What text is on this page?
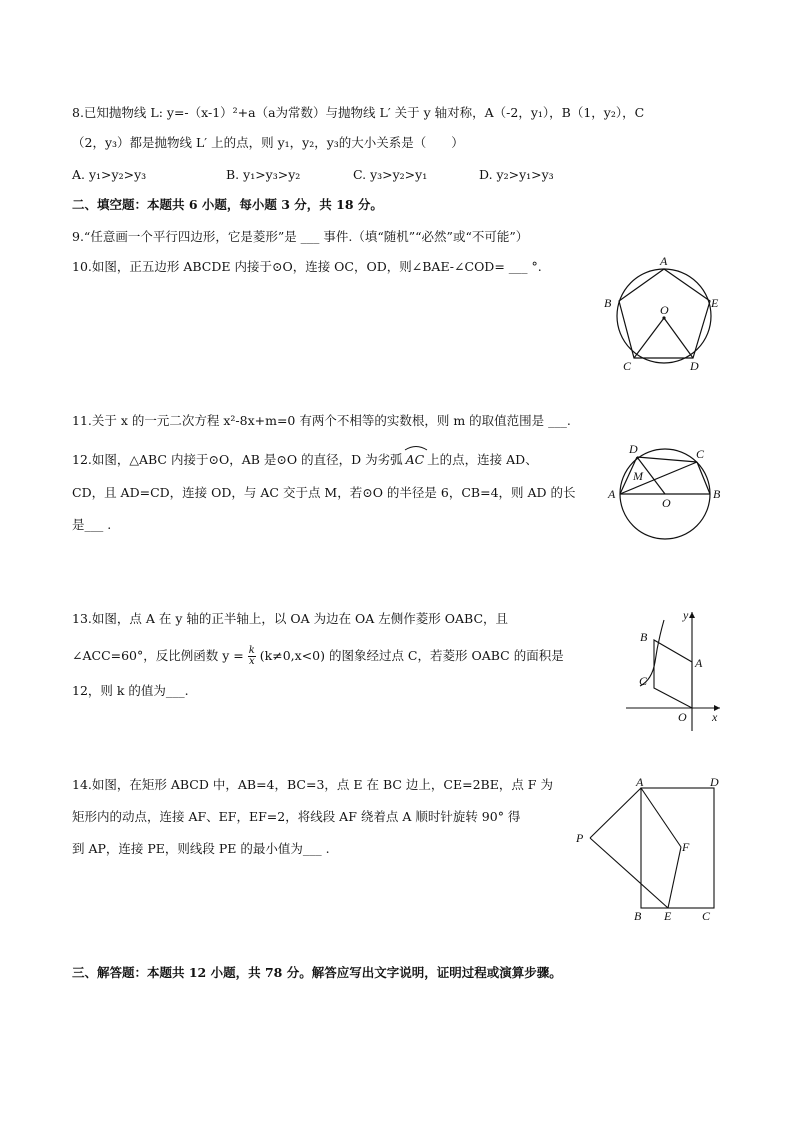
8.已知抛物线 L: y=-（x-1）²+a（a为常数）与抛物线 L′ 关于 y 轴对称，A（-2，y₁），B（1，y₂），C
（2，y₃）都是抛物线 L′ 上的点，则 y₁，y₂，y₃的大小关系是（　　）
A. y₁>y₂>y₃	B. y₁>y₃>y₂	C. y₃>y₂>y₁	D. y₂>y₁>y₃
二、填空题：本题共 6 小题，每小题 3 分，共 18 分。
9.“任意画一个平行四边形，它是菱形”是 ___ 事件.（填“随机”“必然”或“不可能”）
10.如图，正五边形 ABCDE 内接于⊙O，连接 OC，OD，则∠BAE-∠COD= ___ °.	A
B
C	D
E
O
11.关于 x 的一元二次方程 x²-8x+m=0 有两个不相等的实数根，则 m 的取值范围是 ___.
12.如图，△ABC 内接于⊙O，AB 是⊙O 的直径，D 为劣弧 AC 上的点，连接 AD、
CD，且 AD=CD，连接 OD，与 AC 交于点 M，若⊙O 的半径是 6，CB=4，则 AD 的长
是___ .
D	C
M
A	B
O
13.如图，点 A 在 y 轴的正半轴上，以 OA 为边在 OA 左侧作菱形 OABC，且
∠ACC=60°，反比例函数 $y = \frac{k}{x} (k\ne 0,x<0)$ 的图象经过点 C，若菱形 OABC 的面积是
12，则 k 的值为___.
y
B
A
C
O x
14.如图，在矩形 ABCD 中，AB=4，BC=3，点 E 在 BC 边上，CE=2BE，点 F 为
矩形内的动点，连接 AF、EF，EF=2，将线段 AF 绕着点 A 顺时针旋转 90° 得
到 AP，连接 PE，则线段 PE 的最小值为___ .
A	D
P
F
B E	C
三、解答题：本题共 12 小题，共 78 分。解答应写出文字说明，证明过程或演算步骤。
